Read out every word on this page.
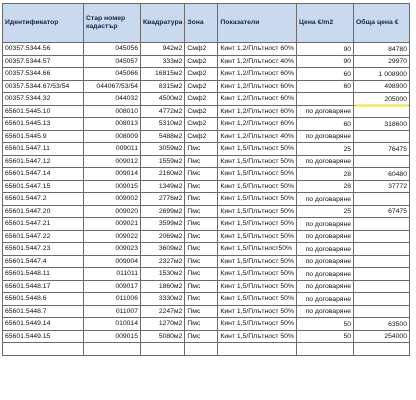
Идентификатор	Стар номер кадастър	Квадратура	Зона	Показатели	Цена €/m2	Обща цена €
00357.5344.56	045056	942м2	Смф2	Кинт 1,2/Плътност 60%	90	84780
00357.5344.57	045057	333м2	Смф2	Кинт 1,2/Плътност 40%	90	29970
00357.5344.66	045066	16815м2	Смф2	Кинт 1,2/Плътност 60%	60	1 008900
00357.5344.67/53/54	044067/53/54	8315м2	Смф2	Кинт 1,2/Плътност 60%	60	498900
00357.5344.32	044032	4500м2	Смф2	Кинт 1,2/Плътност 60%		205000
65601.5445.10	008010	4772м2	Смф2	Кинт 1,2/Плътност 60%	по договаряне	
65601.5445.13	008013	5310м2	Смф2	Кинт 1,2/Плътност 60%	60	318600
65601.5445.9	008009	5488м2	Смф2	Кинт 1,2/Плътност 40%	по договаряне	
65601.5447.11	009011	3059м2	Пмс	Кинт 1,5/Плътност 50%	25	76475
65601.5447.12	009012	1559м2	Пмс	Кинт 1,5/Плътност 50%	по договаряне	
65601.5447.14	009014	2160м2	Пмс	Кинт 1,5/Плътност 50%	28	60480
65601.5447.15	009015	1349м2	Пмс	Кинт 1,5/Плътност 50%	28	37772
65601.5447.2	009002	2776м2	Пмс	Кинт 1,5/Плътност 50%	по договаряне	
65601.5447.20	009020	2699м2	Пмс	Кинт 1,5/Плътност 50%	25	67475
65601.5447.21	009021	3599м2	Пмс	Кинт 1,5/Плътност 50%	по договаряне	
65601.5447.22	009022	2069м2	Пмс	Кинт 1,5/Плътност 50%	по договаряне	
65601.5447.23	009023	3609м2	Пмс	Кинт 1,5/Плътност50%	по договаряне	
65601.5447.4	009004	2327м2	Пмс	Кинт 1,5/Плътност 50%	по договаряне	
65601.5448.11	011011	1530м2	Пмс	Кинт 1,5/Плътност 50%	по договаряне	
65601.5448.17	009017	1860м2	Пмс	Кинт 1,5/Плътност 50%	по договаряне	
65601.5448.6	011006	3330м2	Пмс	Кинт 1,5/Плътност 50%	по договаряне	
65601.5448.7	011007	2247м2	Пмс	Кинт 1,5/Плътност 50%	по договаряне	
65601.5449.14	010014	1270м2	Пмс	Кинт 1,5/Плътност 50%	50	63500
65601.5449.15	009015	5080м2	Пмс	Кинт 1,5/Плътност 50%	50	254000
